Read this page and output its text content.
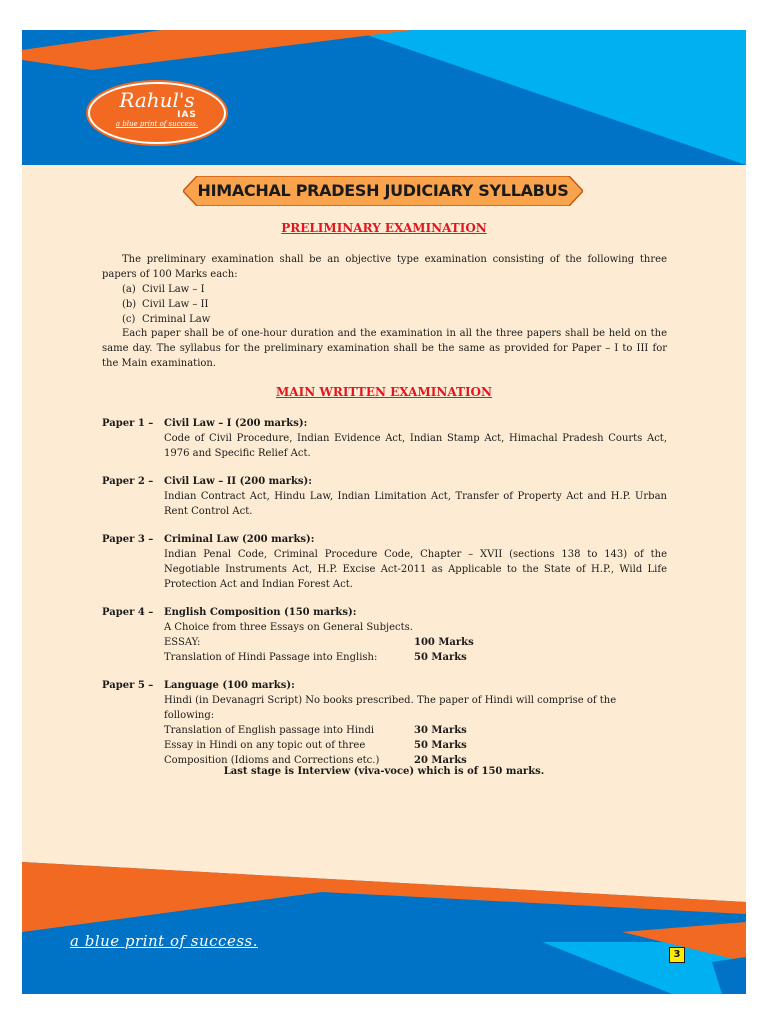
Rahul's
IAS
a blue print of success.
HIMACHAL PRADESH JUDICIARY SYLLABUS
PRELIMINARY EXAMINATION
The preliminary examination shall be an objective type examination consisting of the following three papers of 100 Marks each:
(a) Civil Law – I
(b) Civil Law – II
(c) Criminal Law
Each paper shall be of one-hour duration and the examination in all the three papers shall be held on the same day. The syllabus for the preliminary examination shall be the same as provided for Paper – I to III for the Main examination.
MAIN WRITTEN EXAMINATION
Paper 1 –	Civil Law – I (200 marks):
Code of Civil Procedure, Indian Evidence Act, Indian Stamp Act, Himachal Pradesh Courts Act, 1976 and Specific Relief Act.
Paper 2 –	Civil Law – II (200 marks):
Indian Contract Act, Hindu Law, Indian Limitation Act, Transfer of Property Act and H.P. Urban Rent Control Act.
Paper 3 –	Criminal Law (200 marks):
Indian Penal Code, Criminal Procedure Code, Chapter – XVII (sections 138 to 143) of the Negotiable Instruments Act, H.P. Excise Act-2011 as Applicable to the State of H.P., Wild Life Protection Act and Indian Forest Act.
Paper 4 –	English Composition (150 marks):
A Choice from three Essays on General Subjects.
ESSAY:	100 Marks
Translation of Hindi Passage into English:	50 Marks
Paper 5 –	Language (100 marks):
Hindi (in Devanagri Script) No books prescribed. The paper of Hindi will comprise of the following:
Translation of English passage into Hindi	30 Marks
Essay in Hindi on any topic out of three	50 Marks
Composition (Idioms and Corrections etc.)	20 Marks
Last stage is Interview (viva-voce) which is of 150 marks.
a blue print of success.
3
